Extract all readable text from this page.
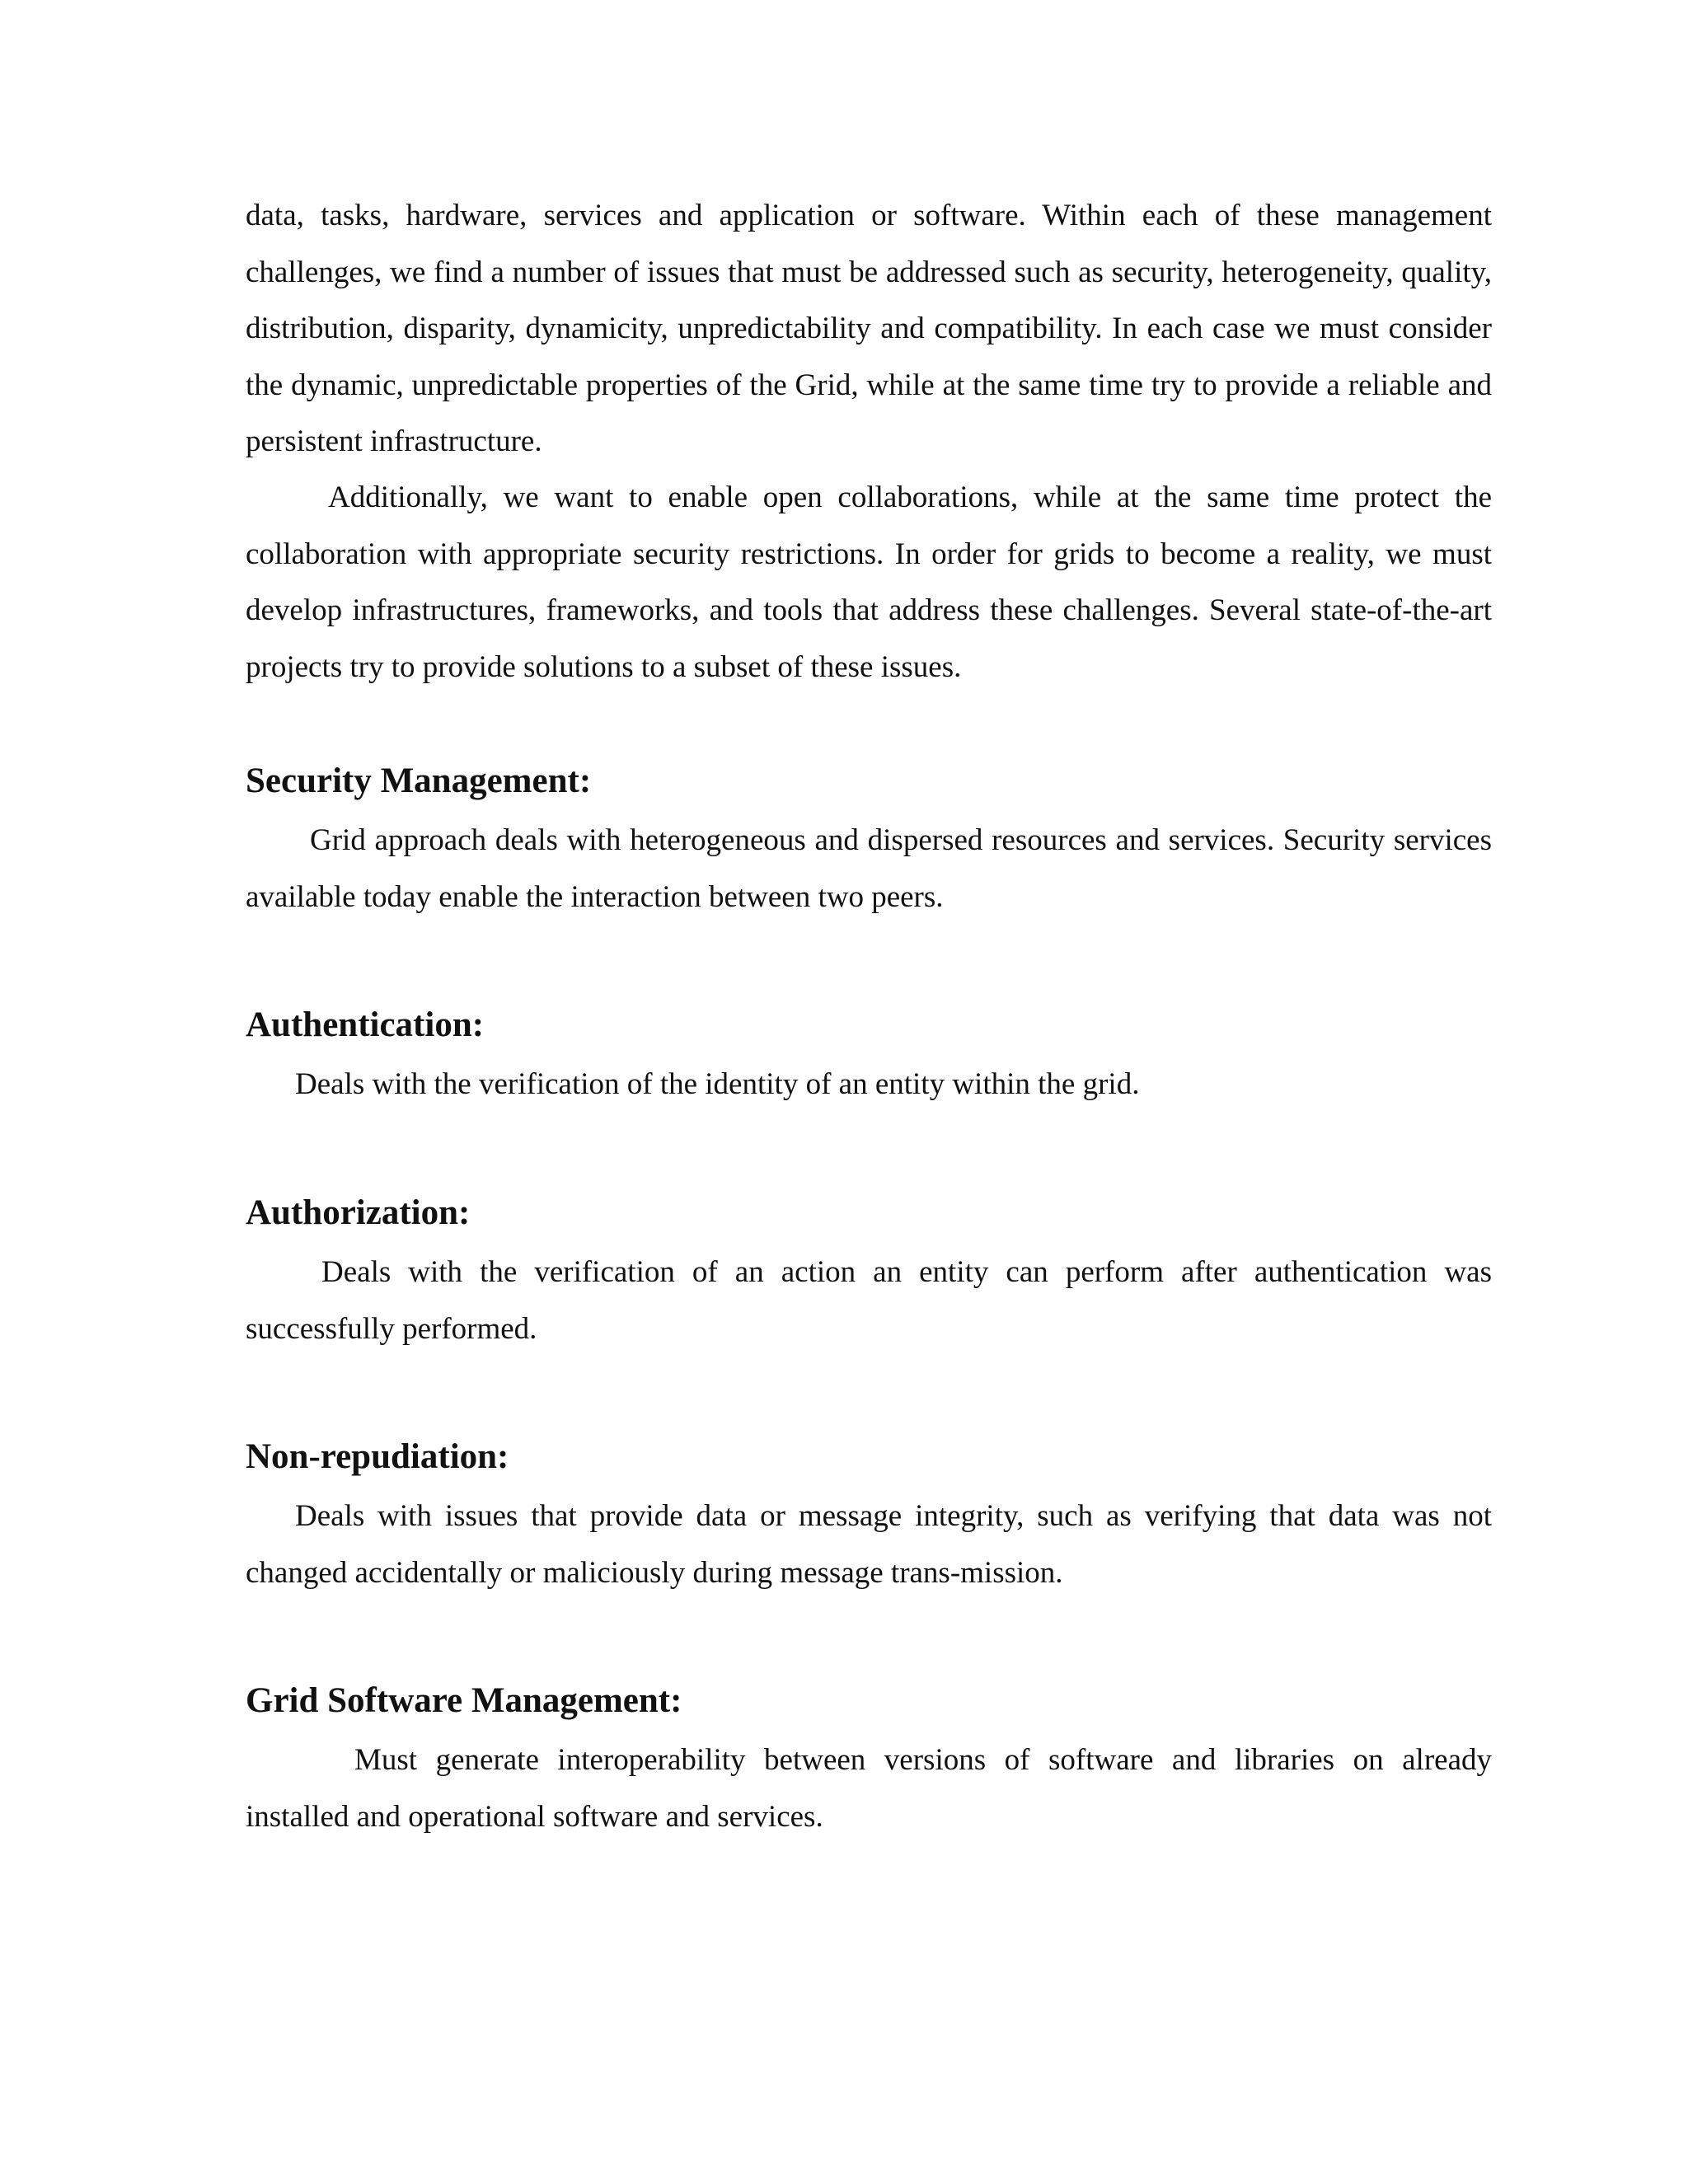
data, tasks, hardware, services and application or software. Within each of these management challenges, we find a number of issues that must be addressed such as security, heterogeneity, quality, distribution, disparity, dynamicity, unpredictability and compatibility. In each case we must consider the dynamic, unpredictable properties of the Grid, while at the same time try to provide a reliable and persistent infrastructure.

Additionally, we want to enable open collaborations, while at the same time protect the collaboration with appropriate security restrictions. In order for grids to become a reality, we must develop infrastructures, frameworks, and tools that address these challenges. Several state-of-the-art projects try to provide solutions to a subset of these issues.

Security Management:

Grid approach deals with heterogeneous and dispersed resources and services. Security services available today enable the interaction between two peers.

Authentication:

Deals with the verification of the identity of an entity within the grid.

Authorization:

Deals with the verification of an action an entity can perform after authentication was successfully performed.

Non-repudiation:

Deals with issues that provide data or message integrity, such as verifying that data was not changed accidentally or maliciously during message trans-mission.

Grid Software Management:

Must generate interoperability between versions of software and libraries on already installed and operational software and services.
